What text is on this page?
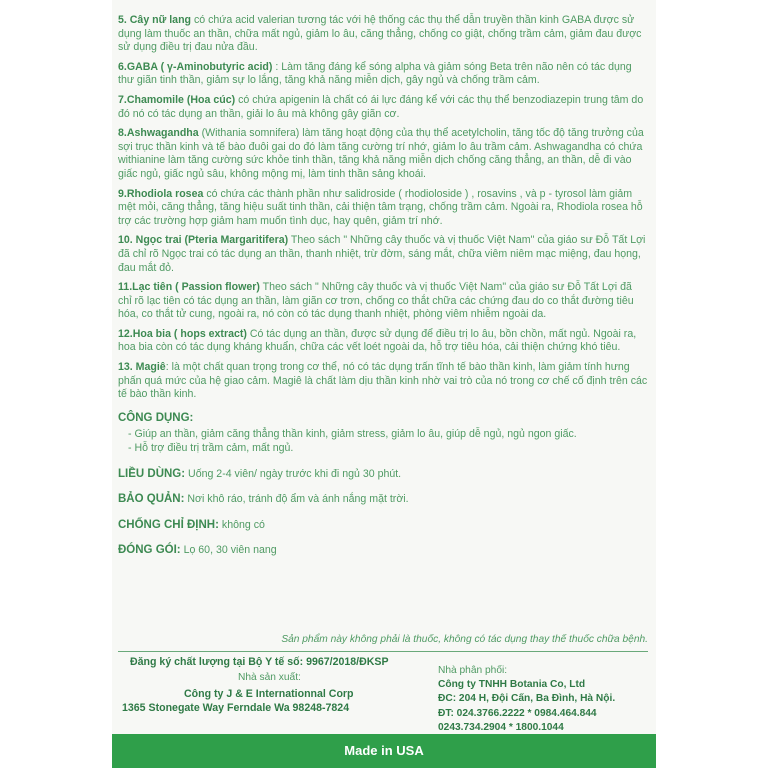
5. Cây nữ lang có chứa acid valerian tương tác với hệ thống các thụ thể dẫn truyền thần kinh GABA được sử dụng làm thuốc an thần, chữa mất ngủ, giảm lo âu, căng thẳng, chống co giật, chống trầm cảm, giảm đau được sử dụng điều trị đau nửa đầu.

6.GABA ( γ-Aminobutyric acid) : Làm tăng đáng kể sóng alpha và giảm sóng Beta trên não nên có tác dụng thư giãn tinh thần, giảm sự lo lắng, tăng khả năng miễn dịch, gây ngủ và chống trầm cảm.

7.Chamomile (Hoa cúc) có chứa apigenin là chất có ái lực đáng kể với các thụ thể benzodiazepin trung tâm do đó nó có tác dụng an thần, giải lo âu mà không gây giãn cơ.

8.Ashwagandha (Withania somnifera) làm tăng hoạt động của thụ thể acetylcholin, tăng tốc độ tăng trưởng của sợi trục thần kinh và tế bào đuôi gai do đó làm tăng cường trí nhớ, giảm lo âu trầm cảm. Ashwagandha có chứa withianine làm tăng cường sức khỏe tinh thần, tăng khả năng miễn dịch chống căng thẳng, an thần, dễ đi vào giấc ngủ, giấc ngủ sâu, không mộng mị, làm tinh thần sảng khoái.

9.Rhodiola rosea có chứa các thành phần như salidroside ( rhodioloside ) , rosavins , và p - tyrosol làm giảm mệt mỏi, căng thẳng, tăng hiệu suất tinh thần, cải thiện tâm trạng, chống trầm cảm. Ngoài ra, Rhodiola rosea hỗ trợ các trường hợp giảm ham muốn tình dục, hay quên, giảm trí nhớ.

10. Ngọc trai (Pteria Margaritifera) Theo sách " Những cây thuốc và vị thuốc Việt Nam" của giáo sư Đỗ Tất Lợi đã chỉ rõ Ngọc trai có tác dụng an thần, thanh nhiệt, trừ đờm, sáng mắt, chữa viêm niêm mạc miệng, đau họng, đau mắt đỏ.

11.Lạc tiên ( Passion flower) Theo sách " Những cây thuốc và vị thuốc Việt Nam" của giáo sư Đỗ Tất Lợi đã chỉ rõ lạc tiên có tác dụng an thần, làm giãn cơ trơn, chống co thắt chữa các chứng đau do co thắt đường tiêu hóa, co thắt tử cung, ngoài ra, nó còn có tác dụng thanh nhiệt, phòng viêm nhiễm ngoài da.

12.Hoa bia ( hops extract) Có tác dụng an thần, được sử dụng để điều trị lo âu, bồn chồn, mất ngủ. Ngoài ra, hoa bia còn có tác dụng kháng khuẩn, chữa các vết loét ngoài da, hỗ trợ tiêu hóa, cải thiện chứng khó tiêu.

13. Magiê: là một chất quan trọng trong cơ thể, nó có tác dụng trấn tĩnh tế bào thần kinh, làm giảm tính hưng phấn quá mức của hệ giao cảm. Magiê là chất làm dịu thần kinh nhờ vai trò của nó trong cơ chế cố định trên các tế bào thần kinh.

CÔNG DỤNG:
- Giúp an thần, giảm căng thẳng thần kinh, giảm stress, giảm lo âu, giúp dễ ngủ, ngủ ngon giấc.
- Hỗ trợ điều trị trầm cảm, mất ngủ.
LIỀU DÙNG: Uống 2-4 viên/ ngày trước khi đi ngủ 30 phút.
BẢO QUẢN: Nơi khô ráo, tránh độ ẩm và ánh nắng mặt trời.
CHỐNG CHỈ ĐỊNH: không có
ĐÓNG GÓI: Lọ 60, 30 viên nang
Sản phẩm này không phải là thuốc, không có tác dụng thay thế thuốc chữa bệnh.
Đăng ký chất lượng tại Bộ Y tế số: 9967/2018/ĐKSP
Nhà sản xuất:
Công ty J & E Internationnal Corp
1365 Stonegate Way Ferndale Wa 98248-7824
Nhà phân phối:
Công ty TNHH Botania Co, Ltd
ĐC: 204 H, Đội Cấn, Ba Đình, Hà Nội.
ĐT: 024.3766.2222 * 0984.464.844
0243.734.2904 * 1800.1044
Made in USA
